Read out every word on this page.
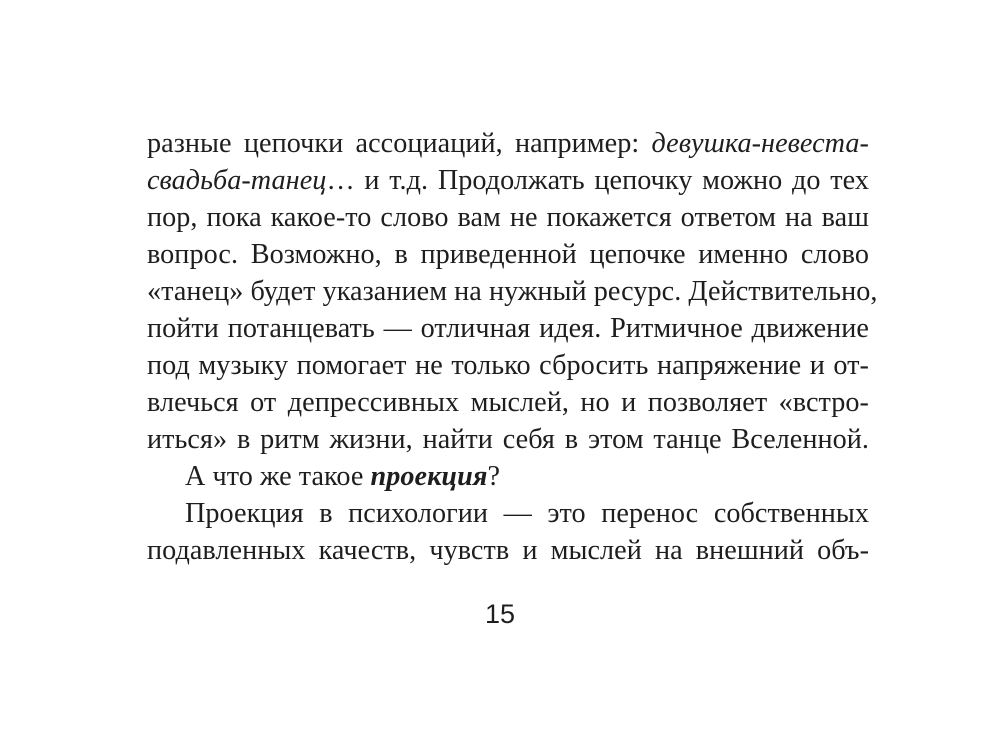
разные цепочки ассоциаций, например: девушка-невеста-
свадьба-танец… и т.д. Продолжать цепочку можно до тех
пор, пока какое-то слово вам не покажется ответом на ваш
вопрос. Возможно, в приведенной цепочке именно слово
«танец» будет указанием на нужный ресурс. Действительно,
пойти потанцевать — отличная идея. Ритмичное движение
под музыку помогает не только сбросить напряжение и от-
влечься от депрессивных мыслей, но и позволяет «встро-
иться» в ритм жизни, найти себя в этом танце Вселенной.
А что же такое проекция?
Проекция в психологии — это перенос собственных
подавленных качеств, чувств и мыслей на внешний объ-
15
